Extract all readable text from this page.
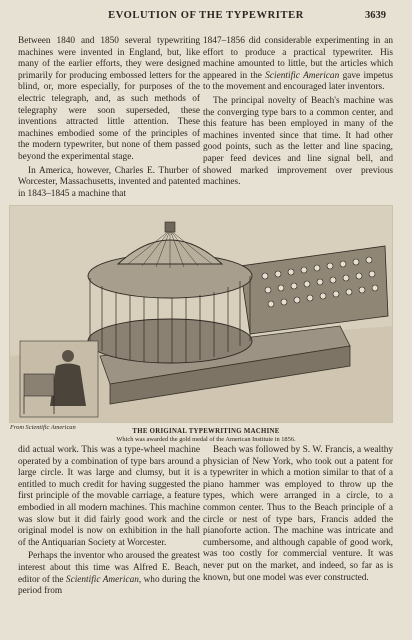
EVOLUTION OF THE TYPEWRITER	3639

Between 1840 and 1850 several typewriting machines were invented in England, but, like many of the earlier efforts, they were designed primarily for producing embossed letters for the blind, or, more especially, for purposes of the electric telegraph, and, as such methods of telegraphy were soon superseded, these inventions attracted little attention. These machines embodied some of the principles of the modern typewriter, but none of them passed beyond the experimental stage.

In America, however, Charles E. Thurber of Worcester, Massachusetts, invented and patented in 1843–1845 a machine that

1847–1856 did considerable experimenting in an effort to produce a practical typewriter. His machine amounted to little, but the articles which appeared in the Scientific American gave impetus to the movement and encouraged later inventors.

The principal novelty of Beach's machine was the converging type bars to a common center, and this feature has been employed in many of the machines invented since that time. It had other good points, such as the letter and line spacing, paper feed devices and line signal bell, and showed marked improvement over previous machines.

From Scientific American
THE ORIGINAL TYPEWRITING MACHINE
Which was awarded the gold medal of the American Institute in 1856.

did actual work. This was a type-wheel machine operated by a combination of type bars around a large circle. It was large and clumsy, but it is entitled to much credit for having suggested the first principle of the movable carriage, a feature embodied in all modern machines. This machine was slow but it did fairly good work and the original model is now on exhibition in the hall of the Antiquarian Society at Worcester.

Perhaps the inventor who aroused the greatest interest about this time was Alfred E. Beach, editor of the Scientific American, who during the period from

Beach was followed by S. W. Francis, a wealthy physician of New York, who took out a patent for a typewriter in which a motion similar to that of a piano hammer was employed to throw up the types, which were arranged in a circle, to a common center. Thus to the Beach principle of a circle or nest of type bars, Francis added the pianoforte action. The machine was intricate and cumbersome, and although capable of good work, was too costly for commercial venture. It was never put on the market, and indeed, so far as is known, but one model was ever constructed.
